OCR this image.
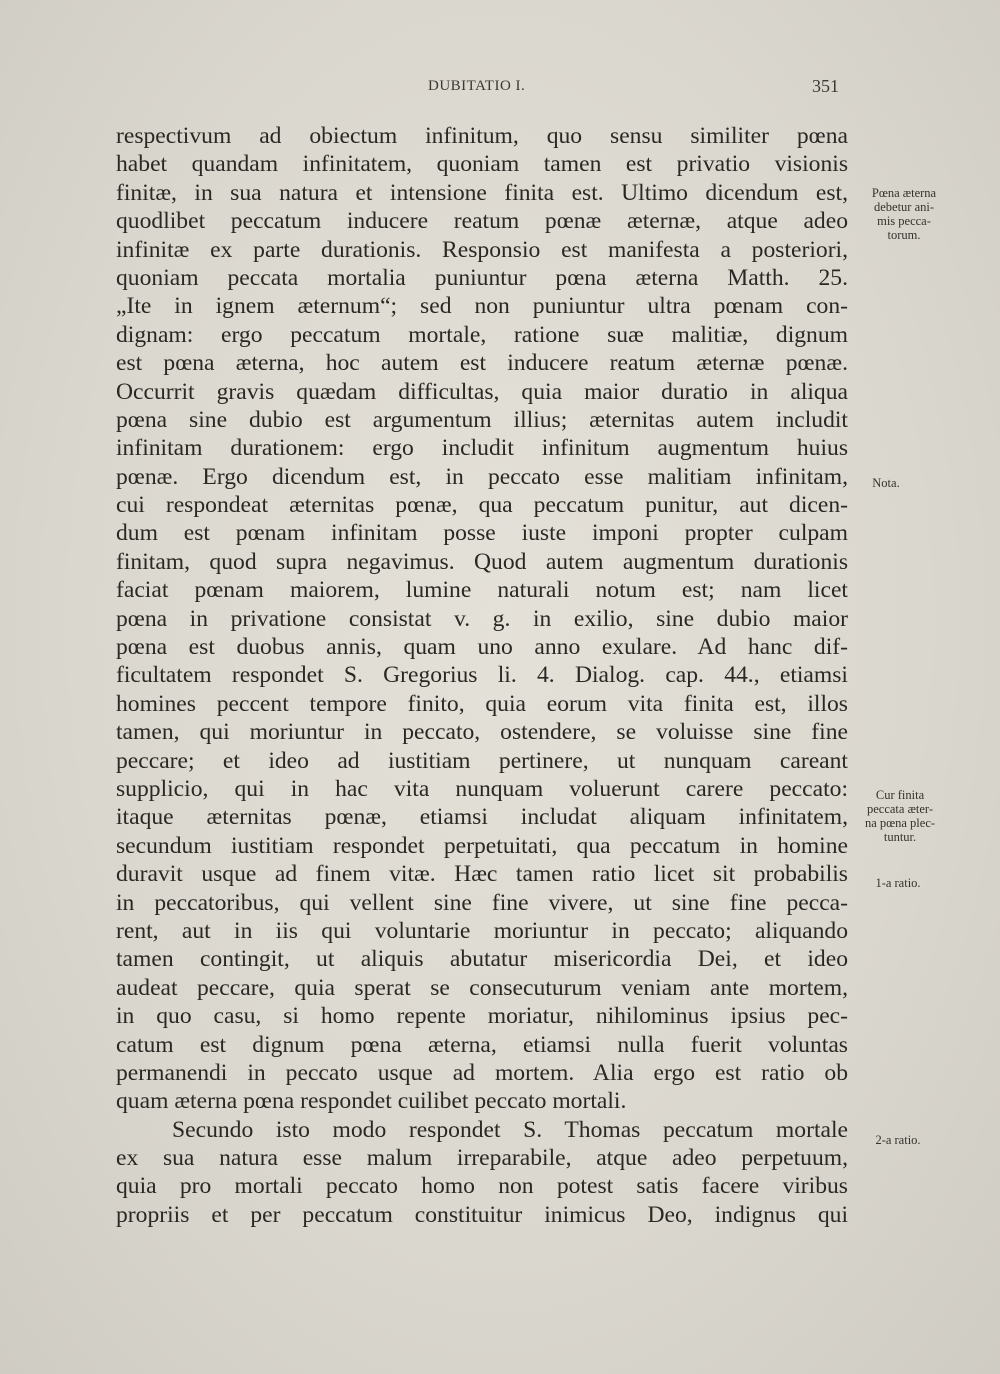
DUBITATIO I.	351
respectivum ad obiectum infinitum, quo sensu similiter pœna
habet quandam infinitatem, quoniam tamen est privatio visionis
finitæ, in sua natura et intensione finita est. Ultimo dicendum est,
quodlibet peccatum inducere reatum pœnæ æternæ, atque adeo
infinitæ ex parte durationis. Responsio est manifesta a posteriori,
quoniam peccata mortalia puniuntur pœna æterna Matth. 25.
„Ite in ignem æternum“; sed non puniuntur ultra pœnam con-
dignam: ergo peccatum mortale, ratione suæ malitiæ, dignum
est pœna æterna, hoc autem est inducere reatum æternæ pœnæ.
Occurrit gravis quædam difficultas, quia maior duratio in aliqua
pœna sine dubio est argumentum illius; æternitas autem includit
infinitam durationem: ergo includit infinitum augmentum huius
pœnæ. Ergo dicendum est, in peccato esse malitiam infinitam,
cui respondeat æternitas pœnæ, qua peccatum punitur, aut dicen-
dum est pœnam infinitam posse iuste imponi propter culpam
finitam, quod supra negavimus. Quod autem augmentum durationis
faciat pœnam maiorem, lumine naturali notum est; nam licet
pœna in privatione consistat v. g. in exilio, sine dubio maior
pœna est duobus annis, quam uno anno exulare. Ad hanc dif-
ficultatem respondet S. Gregorius li. 4. Dialog. cap. 44., etiamsi
homines peccent tempore finito, quia eorum vita finita est, illos
tamen, qui moriuntur in peccato, ostendere, se voluisse sine fine
peccare; et ideo ad iustitiam pertinere, ut nunquam careant
supplicio, qui in hac vita nunquam voluerunt carere peccato:
itaque æternitas pœnæ, etiamsi includat aliquam infinitatem,
secundum iustitiam respondet perpetuitati, qua peccatum in homine
duravit usque ad finem vitæ. Hæc tamen ratio licet sit probabilis
in peccatoribus, qui vellent sine fine vivere, ut sine fine pecca-
rent, aut in iis qui voluntarie moriuntur in peccato; aliquando
tamen contingit, ut aliquis abutatur misericordia Dei, et ideo
audeat peccare, quia sperat se consecuturum veniam ante mortem,
in quo casu, si homo repente moriatur, nihilominus ipsius pec-
catum est dignum pœna æterna, etiamsi nulla fuerit voluntas
permanendi in peccato usque ad mortem. Alia ergo est ratio ob
quam æterna pœna respondet cuilibet peccato mortali.
Secundo isto modo respondet S. Thomas peccatum mortale
ex sua natura esse malum irreparabile, atque adeo perpetuum,
quia pro mortali peccato homo non potest satis facere viribus
propriis et per peccatum constituitur inimicus Deo, indignus qui
Pœna æterna
debetur ani-
mis pecca-
torum.
Nota.
Cur finita
peccata æter-
na pœna plec-
tuntur.
1-a ratio.
2-a ratio.
